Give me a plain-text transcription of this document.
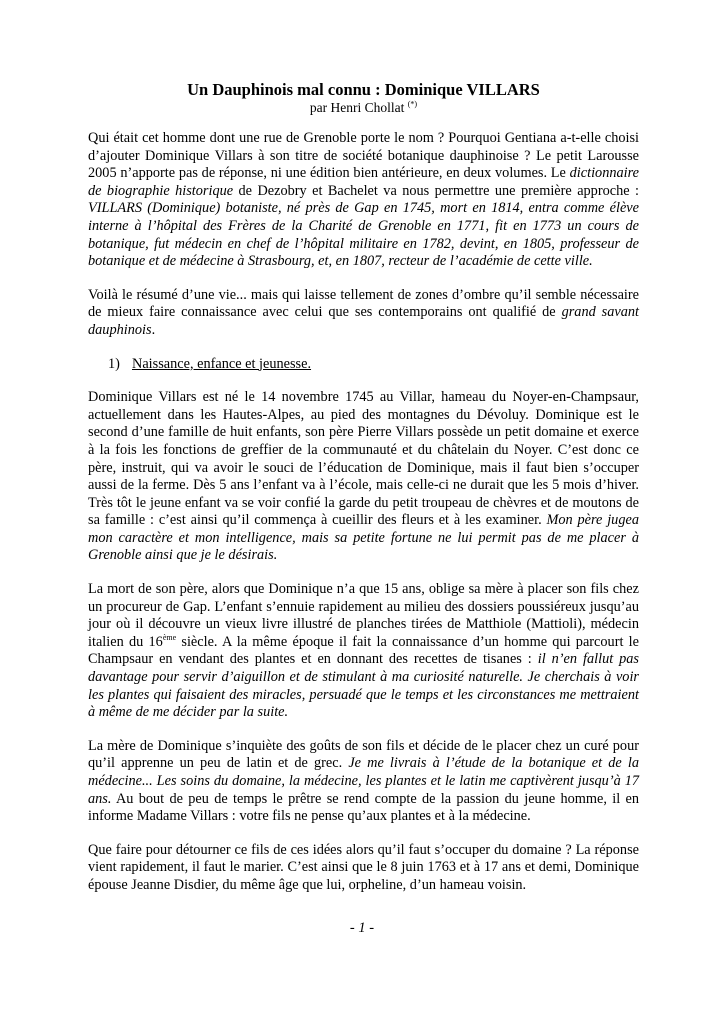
Un Dauphinois mal connu : Dominique VILLARS
par Henri Chollat (*)

Qui était cet homme dont une rue de Grenoble porte le nom ? Pourquoi Gentiana a-t-elle choisi d’ajouter Dominique Villars à son titre de société botanique dauphinoise ? Le petit Larousse 2005 n’apporte pas de réponse, ni une édition bien antérieure, en deux volumes. Le dictionnaire de biographie historique de Dezobry et Bachelet va nous permettre une première approche : VILLARS (Dominique) botaniste, né près de Gap en 1745, mort en 1814, entra comme élève interne à l’hôpital des Frères de la Charité de Grenoble en 1771, fit en 1773 un cours de botanique, fut médecin en chef de l’hôpital militaire en 1782, devint, en 1805, professeur de botanique et de médecine à Strasbourg, et, en 1807, recteur de l’académie de cette ville.

Voilà le résumé d’une vie... mais qui laisse tellement de zones d’ombre qu’il semble nécessaire de mieux faire connaissance avec celui que ses contemporains ont qualifié de grand savant dauphinois.

1) Naissance, enfance et jeunesse.

Dominique Villars est né le 14 novembre 1745 au Villar, hameau du Noyer-en-Champsaur, actuellement dans les Hautes-Alpes, au pied des montagnes du Dévoluy. Dominique est le second d’une famille de huit enfants, son père Pierre Villars possède un petit domaine et exerce à la fois les fonctions de greffier de la communauté et du châtelain du Noyer. C’est donc ce père, instruit, qui va avoir le souci de l’éducation de Dominique, mais il faut bien s’occuper aussi de la ferme. Dès 5 ans l’enfant va à l’école, mais celle-ci ne durait que les 5 mois d’hiver. Très tôt le jeune enfant va se voir confié la garde du petit troupeau de chèvres et de moutons de sa famille : c’est ainsi qu’il commença à cueillir des fleurs et à les examiner. Mon père jugea mon caractère et mon intelligence, mais sa petite fortune ne lui permit pas de me placer à Grenoble ainsi que je le désirais.

La mort de son père, alors que Dominique n’a que 15 ans, oblige sa mère à placer son fils chez un procureur de Gap. L’enfant s’ennuie rapidement au milieu des dossiers poussiéreux jusqu’au jour où il découvre un vieux livre illustré de planches tirées de Matthiole (Mattioli), médecin italien du 16ème siècle. A la même époque il fait la connaissance d’un homme qui parcourt le Champsaur en vendant des plantes et en donnant des recettes de tisanes : il n’en fallut pas davantage pour servir d’aiguillon et de stimulant à ma curiosité naturelle. Je cherchais à voir les plantes qui faisaient des miracles, persuadé que le temps et les circonstances me mettraient à même de me décider par la suite.

La mère de Dominique s’inquiète des goûts de son fils et décide de le placer chez un curé pour qu’il apprenne un peu de latin et de grec. Je me livrais à l’étude de la botanique et de la médecine... Les soins du domaine, la médecine, les plantes et le latin me captivèrent jusqu’à 17 ans. Au bout de peu de temps le prêtre se rend compte de la passion du jeune homme, il en informe Madame Villars : votre fils ne pense qu’aux plantes et à la médecine.

Que faire pour détourner ce fils de ces idées alors qu’il faut s’occuper du domaine ? La réponse vient rapidement, il faut le marier. C’est ainsi que le 8 juin 1763 et à 17 ans et demi, Dominique épouse Jeanne Disdier, du même âge que lui, orpheline, d’un hameau voisin.

- 1 -
